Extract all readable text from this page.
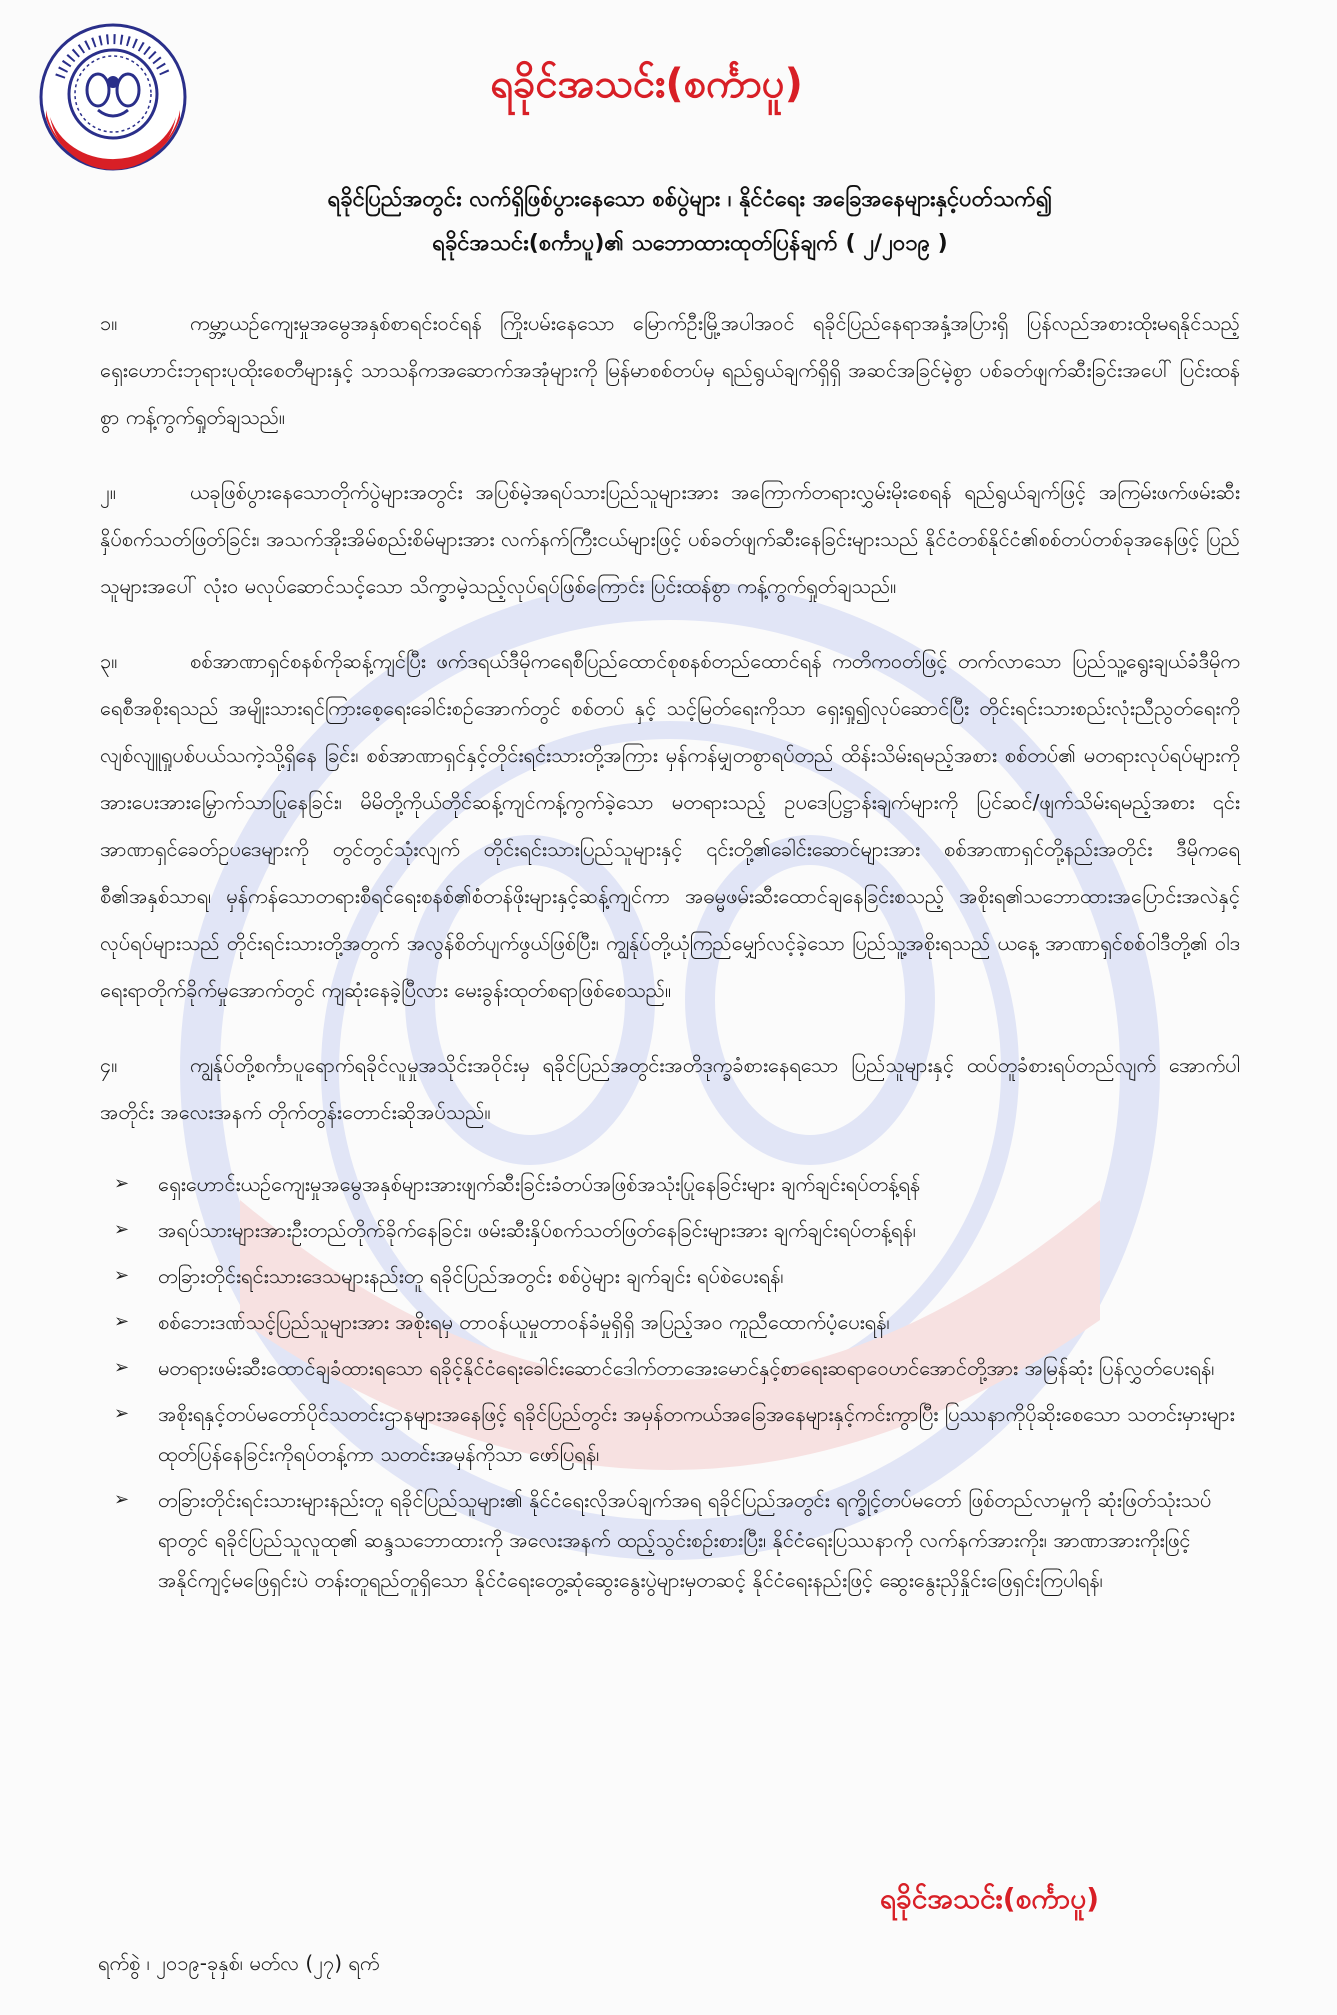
ရခိုင်အသင်း(စင်္ကာပူ)
ရခိုင်ပြည်အတွင်း လက်ရှိဖြစ်ပွားနေသော စစ်ပွဲများ ၊ နိုင်ငံရေး အခြေအနေများနှင့်ပတ်သက်၍
ရခိုင်အသင်း(စင်္ကာပူ)၏ သဘောထားထုတ်ပြန်ချက် ( ၂/၂၀၁၉ )

၁။	ကမ္ဘာ့ယဉ်ကျေးမှုအမွေအနှစ်စာရင်းဝင်ရန် ကြိုးပမ်းနေသော မြောက်ဦးမြို့အပါအဝင် ရခိုင်ပြည်နေရာအနှံ့အပြားရှိ ပြန်လည်အစားထိုးမရနိုင်သည့် ရှေးဟောင်းဘုရားပုထိုးစေတီများနှင့် သာသနိကအဆောက်အအုံများကို မြန်မာစစ်တပ်မှ ရည်ရွယ်ချက်ရှိရှိ အဆင်အခြင်မဲ့စွာ ပစ်ခတ်ဖျက်ဆီးခြင်းအပေါ် ပြင်းထန်စွာ ကန့်ကွက်ရှုတ်ချသည်။

၂။	ယခုဖြစ်ပွားနေသောတိုက်ပွဲများအတွင်း အပြစ်မဲ့အရပ်သားပြည်သူများအား အကြောက်တရားလွှမ်းမိုးစေရန် ရည်ရွယ်ချက်ဖြင့် အကြမ်းဖက်ဖမ်းဆီးနှိပ်စက်သတ်ဖြတ်ခြင်း၊ အသက်အိုးအိမ်စည်းစိမ်များအား လက်နက်ကြီးငယ်များဖြင့် ပစ်ခတ်ဖျက်ဆီးနေခြင်းများသည် နိုင်ငံတစ်နိုင်ငံ၏စစ်တပ်တစ်ခုအနေဖြင့် ပြည်သူများအပေါ် လုံးဝ မလုပ်ဆောင်သင့်သော သိက္ခာမဲ့သည့်လုပ်ရပ်ဖြစ်ကြောင်း ပြင်းထန်စွာ ကန့်ကွက်ရှုတ်ချသည်။

၃။	စစ်အာဏာရှင်စနစ်ကိုဆန့်ကျင်ပြီး ဖက်ဒရယ်ဒီမိုကရေစီပြည်ထောင်စုစနစ်တည်ထောင်ရန် ကတိကဝတ်ဖြင့် တက်လာသော ပြည်သူ့ရွေးချယ်ခံဒီမိုကရေစီအစိုးရသည် အမျိုးသားရင်ကြားစေ့ရေးခေါင်းစဉ်အောက်တွင် စစ်တပ် နှင့် သင့်မြတ်ရေးကိုသာ ရှေးရှု၍လုပ်ဆောင်ပြီး တိုင်းရင်းသားစည်းလုံးညီညွတ်ရေးကို လျစ်လျူရှုပစ်ပယ်သကဲ့သို့ရှိနေ ခြင်း၊ စစ်အာဏာရှင်နှင့်တိုင်းရင်းသားတို့အကြား မှန်ကန်မျှတစွာရပ်တည် ထိန်းသိမ်းရမည့်အစား စစ်တပ်၏ မတရားလုပ်ရပ်များကို အားပေးအားမြှောက်သာပြုနေခြင်း၊ မိမိတို့ကိုယ်တိုင်ဆန့်ကျင်ကန့်ကွက်ခဲ့သော မတရားသည့် ဥပဒေပြဋ္ဌာန်းချက်များကို ပြင်ဆင်/ဖျက်သိမ်းရမည့်အစား ၎င်းအာဏာရှင်ခေတ်ဥပဒေများကို တွင်တွင်သုံးလျက် တိုင်းရင်းသားပြည်သူများနှင့် ၎င်းတို့၏ခေါင်းဆောင်များအား စစ်အာဏာရှင်တို့နည်းအတိုင်း ဒီမိုကရေစီ၏အနှစ်သာရ၊ မှန်ကန်သောတရားစီရင်ရေးစနစ်၏စံတန်ဖိုးများနှင့်ဆန့်ကျင်ကာ အဓမ္မဖမ်းဆီးထောင်ချနေခြင်းစသည့် အစိုးရ၏သဘောထားအပြောင်းအလဲနှင့်လုပ်ရပ်များသည် တိုင်းရင်းသားတို့အတွက် အလွန်စိတ်ပျက်ဖွယ်ဖြစ်ပြီး၊ ကျွန်ုပ်တို့ယုံကြည်မျှော်လင့်ခဲ့သော ပြည်သူ့အစိုးရသည် ယနေ့ အာဏာရှင်စစ်ဝါဒီတို့၏ ဝါဒရေးရာတိုက်ခိုက်မှုအောက်တွင် ကျဆုံးနေခဲ့ပြီလား မေးခွန်းထုတ်စရာဖြစ်စေသည်။

၄။	ကျွန်ုပ်တို့စင်္ကာပူရောက်ရခိုင်လူမှုအသိုင်းအဝိုင်းမှ ရခိုင်ပြည်အတွင်းအတိဒုက္ခခံစားနေရသော ပြည်သူများနှင့် ထပ်တူခံစားရပ်တည်လျက် အောက်ပါအတိုင်း အလေးအနက် တိုက်တွန်းတောင်းဆိုအပ်သည်။

➢ ရှေးဟောင်းယဉ်ကျေးမှုအမွေအနှစ်များအားဖျက်ဆီးခြင်းခံတပ်အဖြစ်အသုံးပြုနေခြင်းများ ချက်ချင်းရပ်တန့်ရန်
➢ အရပ်သားများအားဦးတည်တိုက်ခိုက်နေခြင်း၊ ဖမ်းဆီးနှိပ်စက်သတ်ဖြတ်နေခြင်းများအား ချက်ချင်းရပ်တန့်ရန်၊
➢ တခြားတိုင်းရင်းသားဒေသများနည်းတူ ရခိုင်ပြည်အတွင်း စစ်ပွဲများ ချက်ချင်း ရပ်စဲပေးရန်၊
➢ စစ်ဘေးဒဏ်သင့်ပြည်သူများအား အစိုးရမှ တာဝန်ယူမှုတာဝန်ခံမှုရှိရှိ အပြည့်အဝ ကူညီထောက်ပံ့ပေးရန်၊
➢ မတရားဖမ်းဆီးထောင်ချခံထားရသော ရခိုင့်နိုင်ငံရေးခေါင်းဆောင်ဒေါက်တာအေးမောင်နှင့်စာရေးဆရာဝေဟင်အောင်တို့အား အမြန်ဆုံး ပြန်လွှတ်ပေးရန်၊
➢ အစိုးရနှင့်တပ်မတော်ပိုင်သတင်းဌာနများအနေဖြင့် ရခိုင်ပြည်တွင်း အမှန်တကယ်အခြေအနေများနှင့်ကင်းကွာပြီး ပြဿနာကိုပိုဆိုးစေသော သတင်းမှားများထုတ်ပြန်နေခြင်းကိုရပ်တန့်ကာ သတင်းအမှန်ကိုသာ ဖော်ပြရန်၊
➢ တခြားတိုင်းရင်းသားများနည်းတူ ရခိုင်ပြည်သူများ၏ နိုင်ငံရေးလိုအပ်ချက်အရ ရခိုင်ပြည်အတွင်း ရက္ခိုင့်တပ်မတော် ဖြစ်တည်လာမှုကို ဆုံးဖြတ်သုံးသပ်ရာတွင် ရခိုင်ပြည်သူလူထု၏ ဆန္ဒသဘောထားကို အလေးအနက် ထည့်သွင်းစဉ်းစားပြီး၊ နိုင်ငံရေးပြဿနာကို လက်နက်အားကိုး၊ အာဏာအားကိုးဖြင့် အနိုင်ကျင့်မဖြေရှင်းပဲ တန်းတူရည်တူရှိသော နိုင်ငံရေးတွေ့ဆုံဆွေးနွေးပွဲများမှတဆင့် နိုင်ငံရေးနည်းဖြင့် ဆွေးနွေးညှိနှိုင်းဖြေရှင်းကြပါရန်၊
ရခိုင်အသင်း(စင်္ကာပူ)
ရက်စွဲ ၊ ၂၀၁၉-ခုနှစ်၊ မတ်လ (၂၇) ရက်
